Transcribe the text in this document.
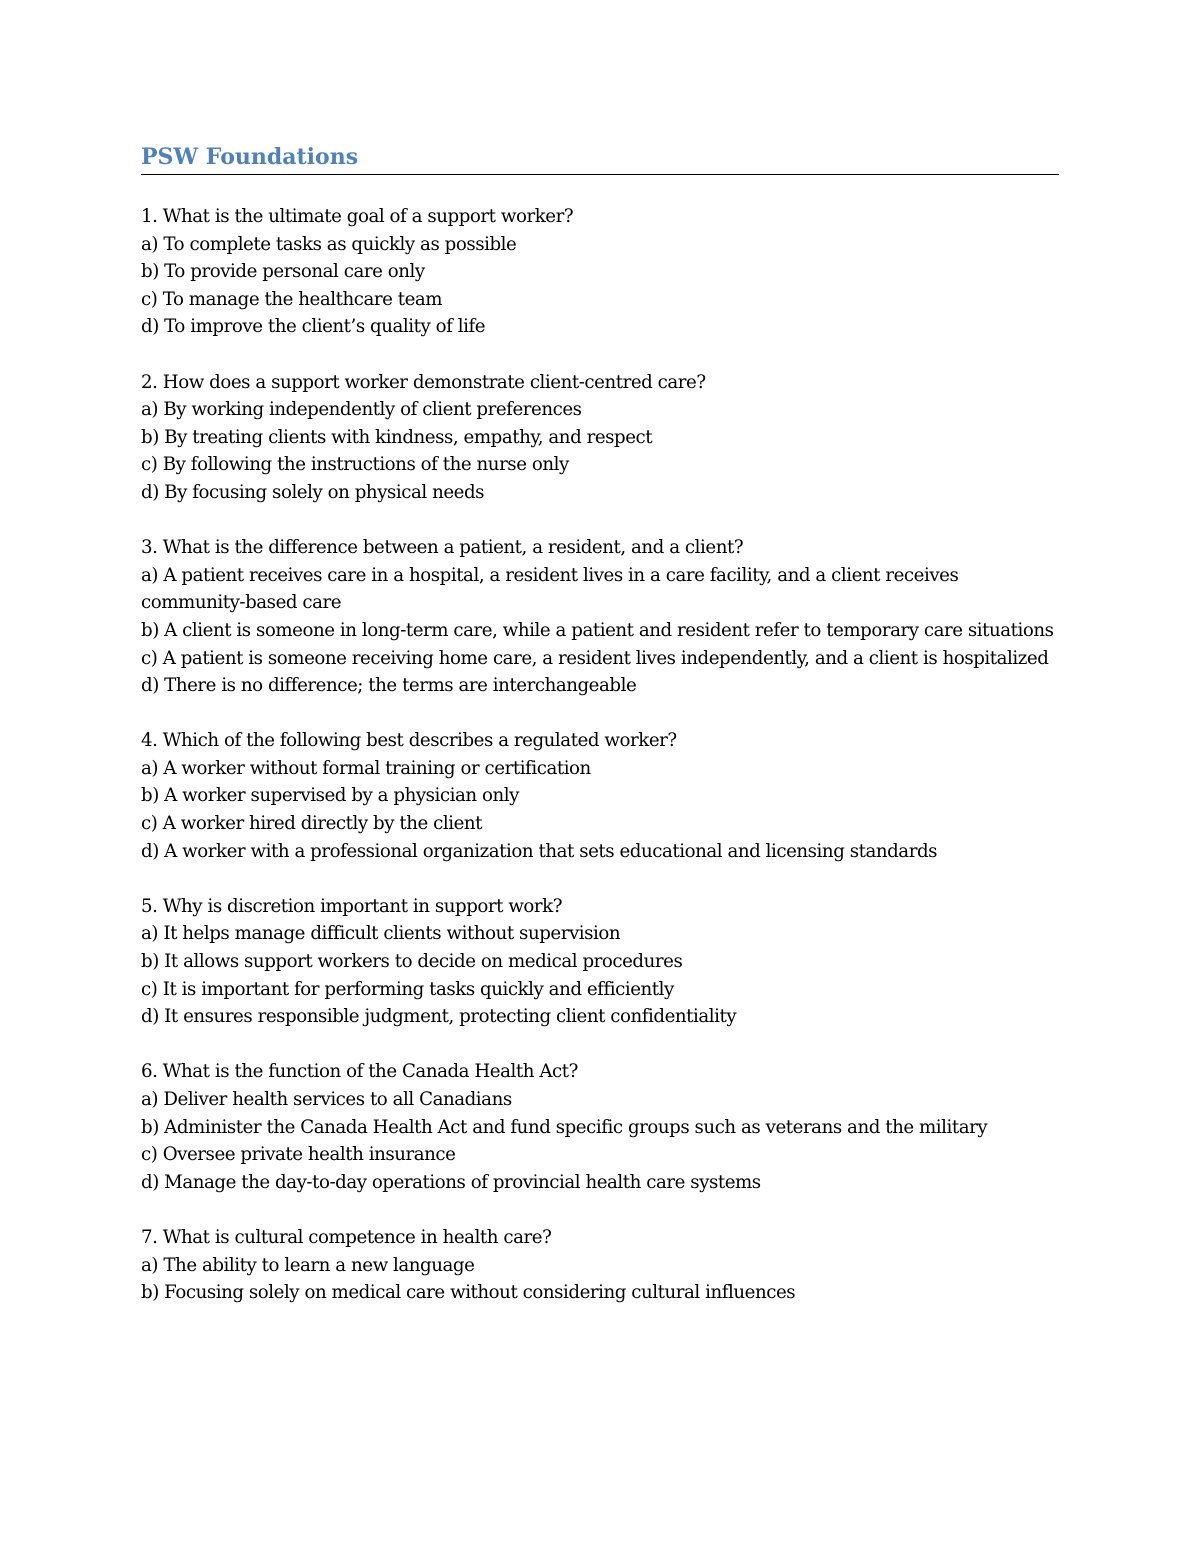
PSW Foundations

1. What is the ultimate goal of a support worker?

a) To complete tasks as quickly as possible

b) To provide personal care only

c) To manage the healthcare team

d) To improve the client’s quality of life

2. How does a support worker demonstrate client-centred care?

a) By working independently of client preferences

b) By treating clients with kindness, empathy, and respect

c) By following the instructions of the nurse only

d) By focusing solely on physical needs

3. What is the difference between a patient, a resident, and a client?

a) A patient receives care in a hospital, a resident lives in a care facility, and a client receives community-based care

b) A client is someone in long-term care, while a patient and resident refer to temporary care situations

c) A patient is someone receiving home care, a resident lives independently, and a client is hospitalized

d) There is no difference; the terms are interchangeable

4. Which of the following best describes a regulated worker?

a) A worker without formal training or certification

b) A worker supervised by a physician only

c) A worker hired directly by the client

d) A worker with a professional organization that sets educational and licensing standards

5. Why is discretion important in support work?

a) It helps manage difficult clients without supervision

b) It allows support workers to decide on medical procedures

c) It is important for performing tasks quickly and efficiently

d) It ensures responsible judgment, protecting client confidentiality

6. What is the function of the Canada Health Act?

a) Deliver health services to all Canadians

b) Administer the Canada Health Act and fund specific groups such as veterans and the military

c) Oversee private health insurance

d) Manage the day-to-day operations of provincial health care systems

7. What is cultural competence in health care?

a) The ability to learn a new language

b) Focusing solely on medical care without considering cultural influences
